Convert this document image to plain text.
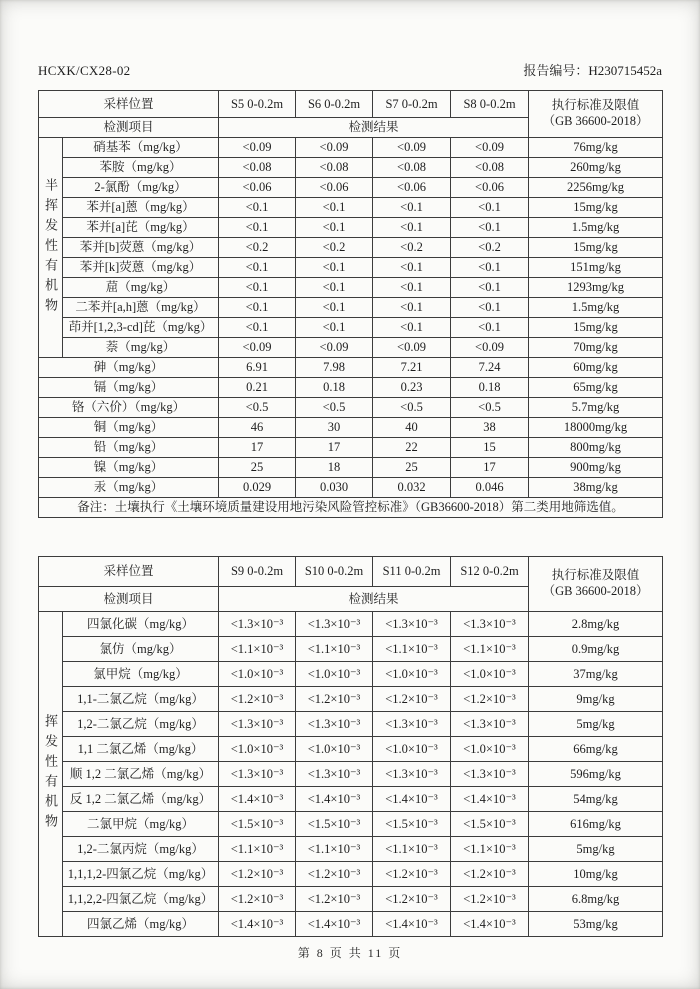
HCXK/CX28-02	报告编号：H230715452a
采样位置		S5 0-0.2m	S6 0-0.2m	S7 0-0.2m	S8 0-0.2m	执行标准及限值
（GB 36600-2018）

检测项目		检测结果				

半挥发性有机物	硝基苯（mg/kg）	<0.09	<0.09	<0.09	<0.09	76mg/kg
	苯胺（mg/kg）	<0.08	<0.08	<0.08	<0.08	260mg/kg
	2-氯酚（mg/kg）	<0.06	<0.06	<0.06	<0.06	2256mg/kg
	苯并[a]蒽（mg/kg）	<0.1	<0.1	<0.1	<0.1	15mg/kg
	苯并[a]芘（mg/kg）	<0.1	<0.1	<0.1	<0.1	1.5mg/kg
	苯并[b]荧蒽（mg/kg）	<0.2	<0.2	<0.2	<0.2	15mg/kg
	苯并[k]荧蒽（mg/kg）	<0.1	<0.1	<0.1	<0.1	151mg/kg
	䓛（mg/kg）	<0.1	<0.1	<0.1	<0.1	1293mg/kg
	二苯并[a,h]蒽（mg/kg）	<0.1	<0.1	<0.1	<0.1	1.5mg/kg
	茚并[1,2,3-cd]芘（mg/kg）	<0.1	<0.1	<0.1	<0.1	15mg/kg
	萘（mg/kg）	<0.09	<0.09	<0.09	<0.09	70mg/kg
砷（mg/kg）		6.91	7.98	7.21	7.24	60mg/kg
镉（mg/kg）		0.21	0.18	0.23	0.18	65mg/kg
铬（六价）（mg/kg）		<0.5	<0.5	<0.5	<0.5	5.7mg/kg
铜（mg/kg）		46	30	40	38	18000mg/kg
铅（mg/kg）		17	17	22	15	800mg/kg
镍（mg/kg）		25	18	25	17	900mg/kg
汞（mg/kg）		0.029	0.030	0.032	0.046	38mg/kg
备注：土壤执行《土壤环境质量建设用地污染风险管控标准》（GB36600-2018）第二类用地筛选值。						
采样位置		S9 0-0.2m	S10 0-0.2m	S11 0-0.2m	S12 0-0.2m	执行标准及限值
（GB 36600-2018）

检测项目		检测结果				

挥发性有机物	四氯化碳（mg/kg）	<1.3×10⁻³	<1.3×10⁻³	<1.3×10⁻³	<1.3×10⁻³	2.8mg/kg
	氯仿（mg/kg）	<1.1×10⁻³	<1.1×10⁻³	<1.1×10⁻³	<1.1×10⁻³	0.9mg/kg
	氯甲烷（mg/kg）	<1.0×10⁻³	<1.0×10⁻³	<1.0×10⁻³	<1.0×10⁻³	37mg/kg
	1,1-二氯乙烷（mg/kg）	<1.2×10⁻³	<1.2×10⁻³	<1.2×10⁻³	<1.2×10⁻³	9mg/kg
	1,2-二氯乙烷（mg/kg）	<1.3×10⁻³	<1.3×10⁻³	<1.3×10⁻³	<1.3×10⁻³	5mg/kg
	1,1 二氯乙烯（mg/kg）	<1.0×10⁻³	<1.0×10⁻³	<1.0×10⁻³	<1.0×10⁻³	66mg/kg
	顺 1,2 二氯乙烯（mg/kg）	<1.3×10⁻³	<1.3×10⁻³	<1.3×10⁻³	<1.3×10⁻³	596mg/kg
	反 1,2 二氯乙烯（mg/kg）	<1.4×10⁻³	<1.4×10⁻³	<1.4×10⁻³	<1.4×10⁻³	54mg/kg
	二氯甲烷（mg/kg）	<1.5×10⁻³	<1.5×10⁻³	<1.5×10⁻³	<1.5×10⁻³	616mg/kg
	1,2-二氯丙烷（mg/kg）	<1.1×10⁻³	<1.1×10⁻³	<1.1×10⁻³	<1.1×10⁻³	5mg/kg
	1,1,1,2-四氯乙烷（mg/kg）	<1.2×10⁻³	<1.2×10⁻³	<1.2×10⁻³	<1.2×10⁻³	10mg/kg
	1,1,2,2-四氯乙烷（mg/kg）	<1.2×10⁻³	<1.2×10⁻³	<1.2×10⁻³	<1.2×10⁻³	6.8mg/kg
	四氯乙烯（mg/kg）	<1.4×10⁻³	<1.4×10⁻³	<1.4×10⁻³	<1.4×10⁻³	53mg/kg
第 8 页 共 11 页
